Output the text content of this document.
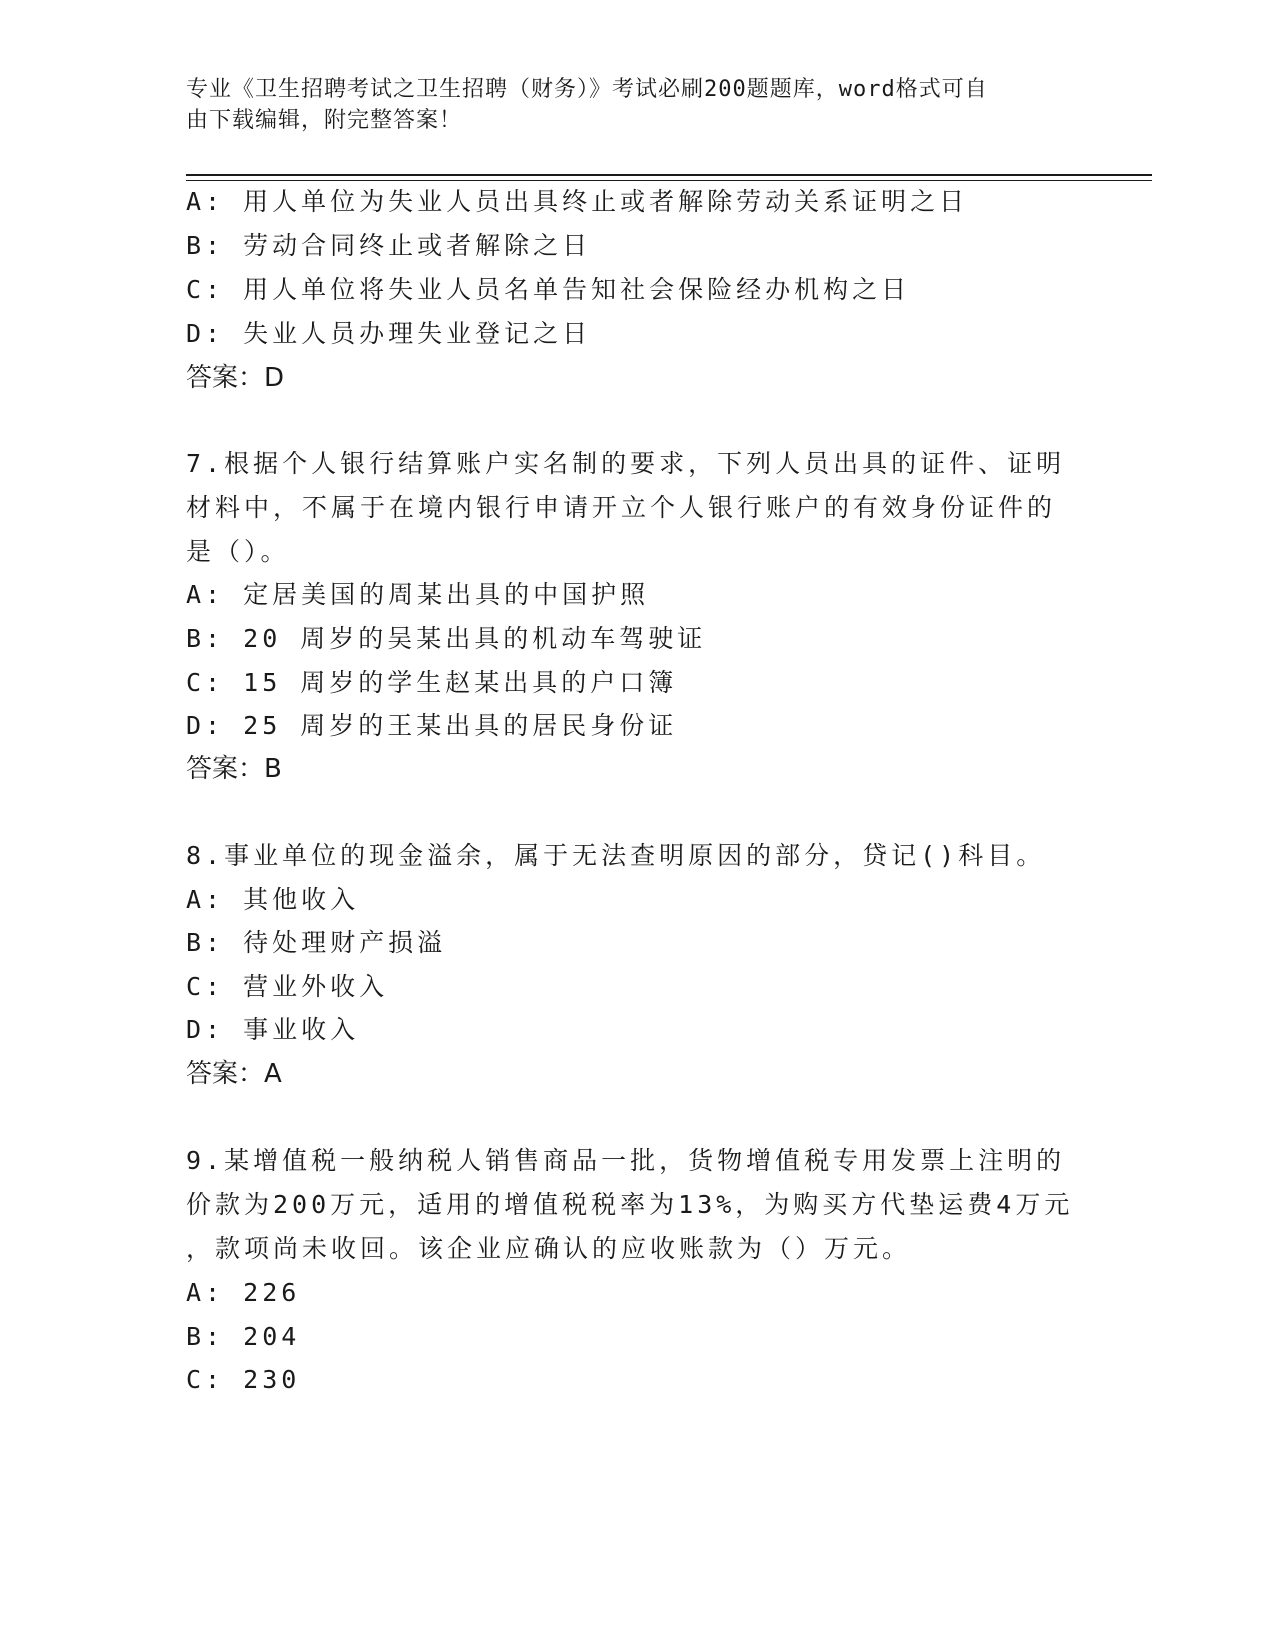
专业《卫生招聘考试之卫生招聘（财务）》考试必刷200题题库，word格式可自
由下载编辑，附完整答案！
A: 用人单位为失业人员出具终止或者解除劳动关系证明之日
B: 劳动合同终止或者解除之日
C: 用人单位将失业人员名单告知社会保险经办机构之日
D: 失业人员办理失业登记之日
答案：D
7.根据个人银行结算账户实名制的要求，下列人员出具的证件、证明
材料中，不属于在境内银行申请开立个人银行账户的有效身份证件的
是（）。
A: 定居美国的周某出具的中国护照
B: 20 周岁的吴某出具的机动车驾驶证
C: 15 周岁的学生赵某出具的户口簿
D: 25 周岁的王某出具的居民身份证
答案：B
8.事业单位的现金溢余，属于无法查明原因的部分，贷记()科目。
A: 其他收入
B: 待处理财产损溢
C: 营业外收入
D: 事业收入
答案：A
9.某增值税一般纳税人销售商品一批，货物增值税专用发票上注明的
价款为200万元，适用的增值税税率为13%，为购买方代垫运费4万元
，款项尚未收回。该企业应确认的应收账款为（）万元。
A: 226
B: 204
C: 230
